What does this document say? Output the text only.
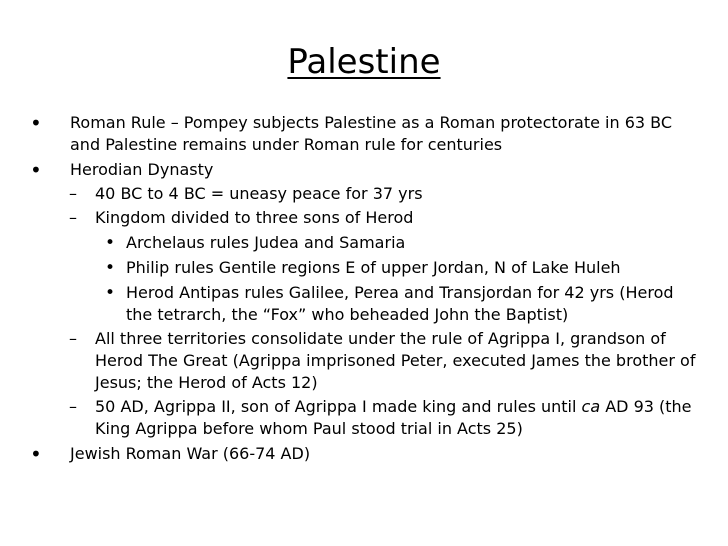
Palestine
•	Roman Rule – Pompey subjects Palestine as a Roman protectorate in 63 BC and Palestine remains under Roman rule for centuries
•	Herodian Dynasty
–	40 BC to 4 BC = uneasy peace for 37 yrs
–	Kingdom divided to three sons of Herod
• Archelaus rules Judea and Samaria
• Philip rules Gentile regions E of upper Jordan, N of Lake Huleh
• Herod Antipas rules Galilee, Perea and Transjordan for 42 yrs (Herod the tetrarch, the “Fox” who beheaded John the Baptist)
–	All three territories consolidate under the rule of Agrippa I, grandson of Herod The Great (Agrippa imprisoned Peter, executed James the brother of Jesus; the Herod of Acts 12)
–	50 AD, Agrippa II, son of Agrippa I made king and rules until ca AD 93 (the King Agrippa before whom Paul stood trial in Acts 25)
•	Jewish Roman War (66-74 AD)
